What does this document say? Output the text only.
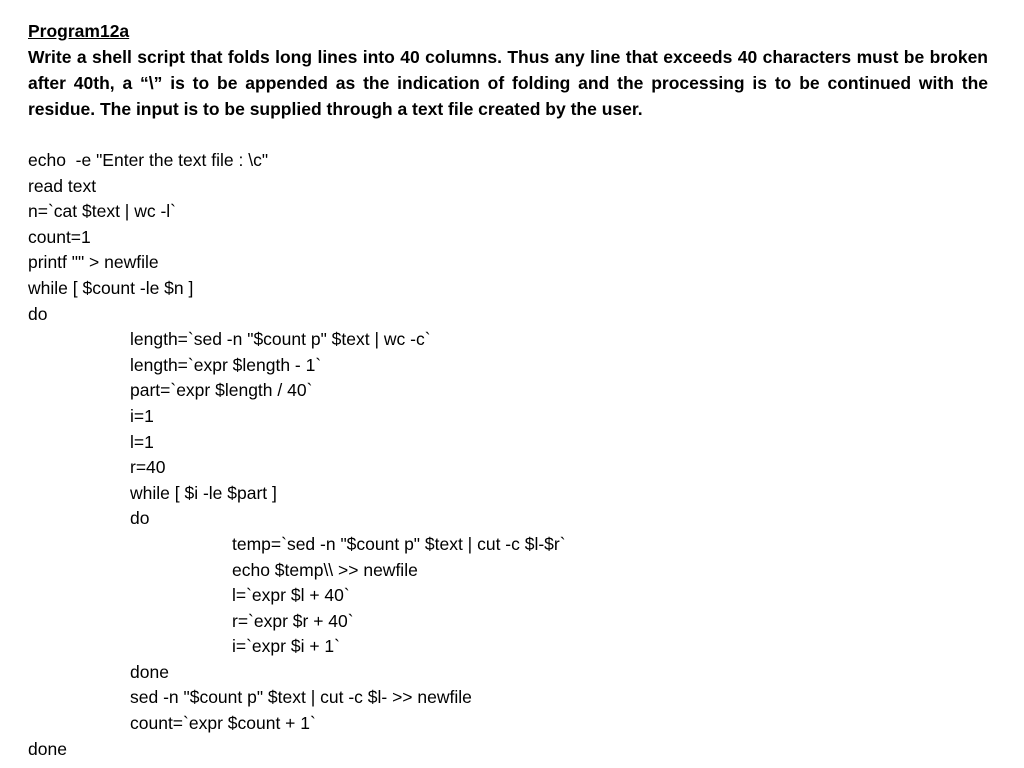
Program12a

Write a shell script that folds long lines into 40 columns. Thus any line that exceeds 40 characters must be broken after 40th, a “\” is to be appended as the indication of folding and the processing is to be continued with the residue. The input is to be supplied through a text file created by the user.

echo  -e "Enter the text file : \c"
read text
n=`cat $text | wc -l`
count=1
printf "" > newfile
while [ $count -le $n ]
do
length=`sed -n "$count p" $text | wc -c`
length=`expr $length - 1`
part=`expr $length / 40`
i=1
l=1
r=40
while [ $i -le $part ]
do
temp=`sed -n "$count p" $text | cut -c $l-$r`
echo $temp\\ >> newfile
l=`expr $l + 40`
r=`expr $r + 40`
i=`expr $i + 1`
done
sed -n "$count p" $text | cut -c $l- >> newfile
count=`expr $count + 1`
done
